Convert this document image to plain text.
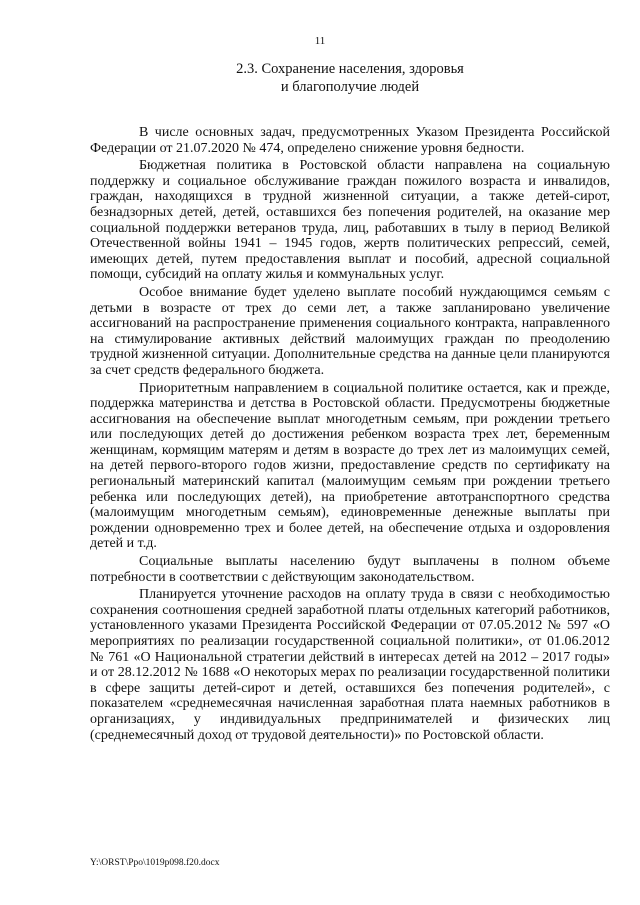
11
2.3. Сохранение населения, здоровья
и благополучие людей

В числе основных задач, предусмотренных Указом Президента Российской Федерации от 21.07.2020 № 474, определено снижение уровня бедности.

Бюджетная политика в Ростовской области направлена на социальную поддержку и социальное обслуживание граждан пожилого возраста и инвалидов, граждан, находящихся в трудной жизненной ситуации, а также детей-сирот, безнадзорных детей, детей, оставшихся без попечения родителей, на оказание мер социальной поддержки ветеранов труда, лиц, работавших в тылу в период Великой Отечественной войны 1941 – 1945 годов, жертв политических репрессий, семей, имеющих детей, путем предоставления выплат и пособий, адресной социальной помощи, субсидий на оплату жилья и коммунальных услуг.

Особое внимание будет уделено выплате пособий нуждающимся семьям с детьми в возрасте от трех до семи лет, а также запланировано увеличение ассигнований на распространение применения социального контракта, направленного на стимулирование активных действий малоимущих граждан по преодолению трудной жизненной ситуации. Дополнительные средства на данные цели планируются за счет средств федерального бюджета.

Приоритетным направлением в социальной политике остается, как и прежде, поддержка материнства и детства в Ростовской области. Предусмотрены бюджетные ассигнования на обеспечение выплат многодетным семьям, при рождении третьего или последующих детей до достижения ребенком возраста трех лет, беременным женщинам, кормящим матерям и детям в возрасте до трех лет из малоимущих семей, на детей первого-второго годов жизни, предоставление средств по сертификату на региональный материнский капитал (малоимущим семьям при рождении третьего ребенка или последующих детей), на приобретение автотранспортного средства (малоимущим многодетным семьям), единовременные денежные выплаты при рождении одновременно трех и более детей, на обеспечение отдыха и оздоровления детей и т.д.

Социальные выплаты населению будут выплачены в полном объеме потребности в соответствии с действующим законодательством.

Планируется уточнение расходов на оплату труда в связи с необходимостью сохранения соотношения средней заработной платы отдельных категорий работников, установленного указами Президента Российской Федерации от 07.05.2012 № 597 «О мероприятиях по реализации государственной социальной политики», от 01.06.2012 № 761 «О Национальной стратегии действий в интересах детей на 2012 – 2017 годы» и от 28.12.2012 № 1688 «О некоторых мерах по реализации государственной политики в сфере защиты детей-сирот и детей, оставшихся без попечения родителей», с показателем «среднемесячная начисленная заработная плата наемных работников в организациях, у индивидуальных предпринимателей и физических лиц (среднемесячный доход от трудовой деятельности)» по Ростовской области.

Y:\ORST\Ppo\1019p098.f20.docx
